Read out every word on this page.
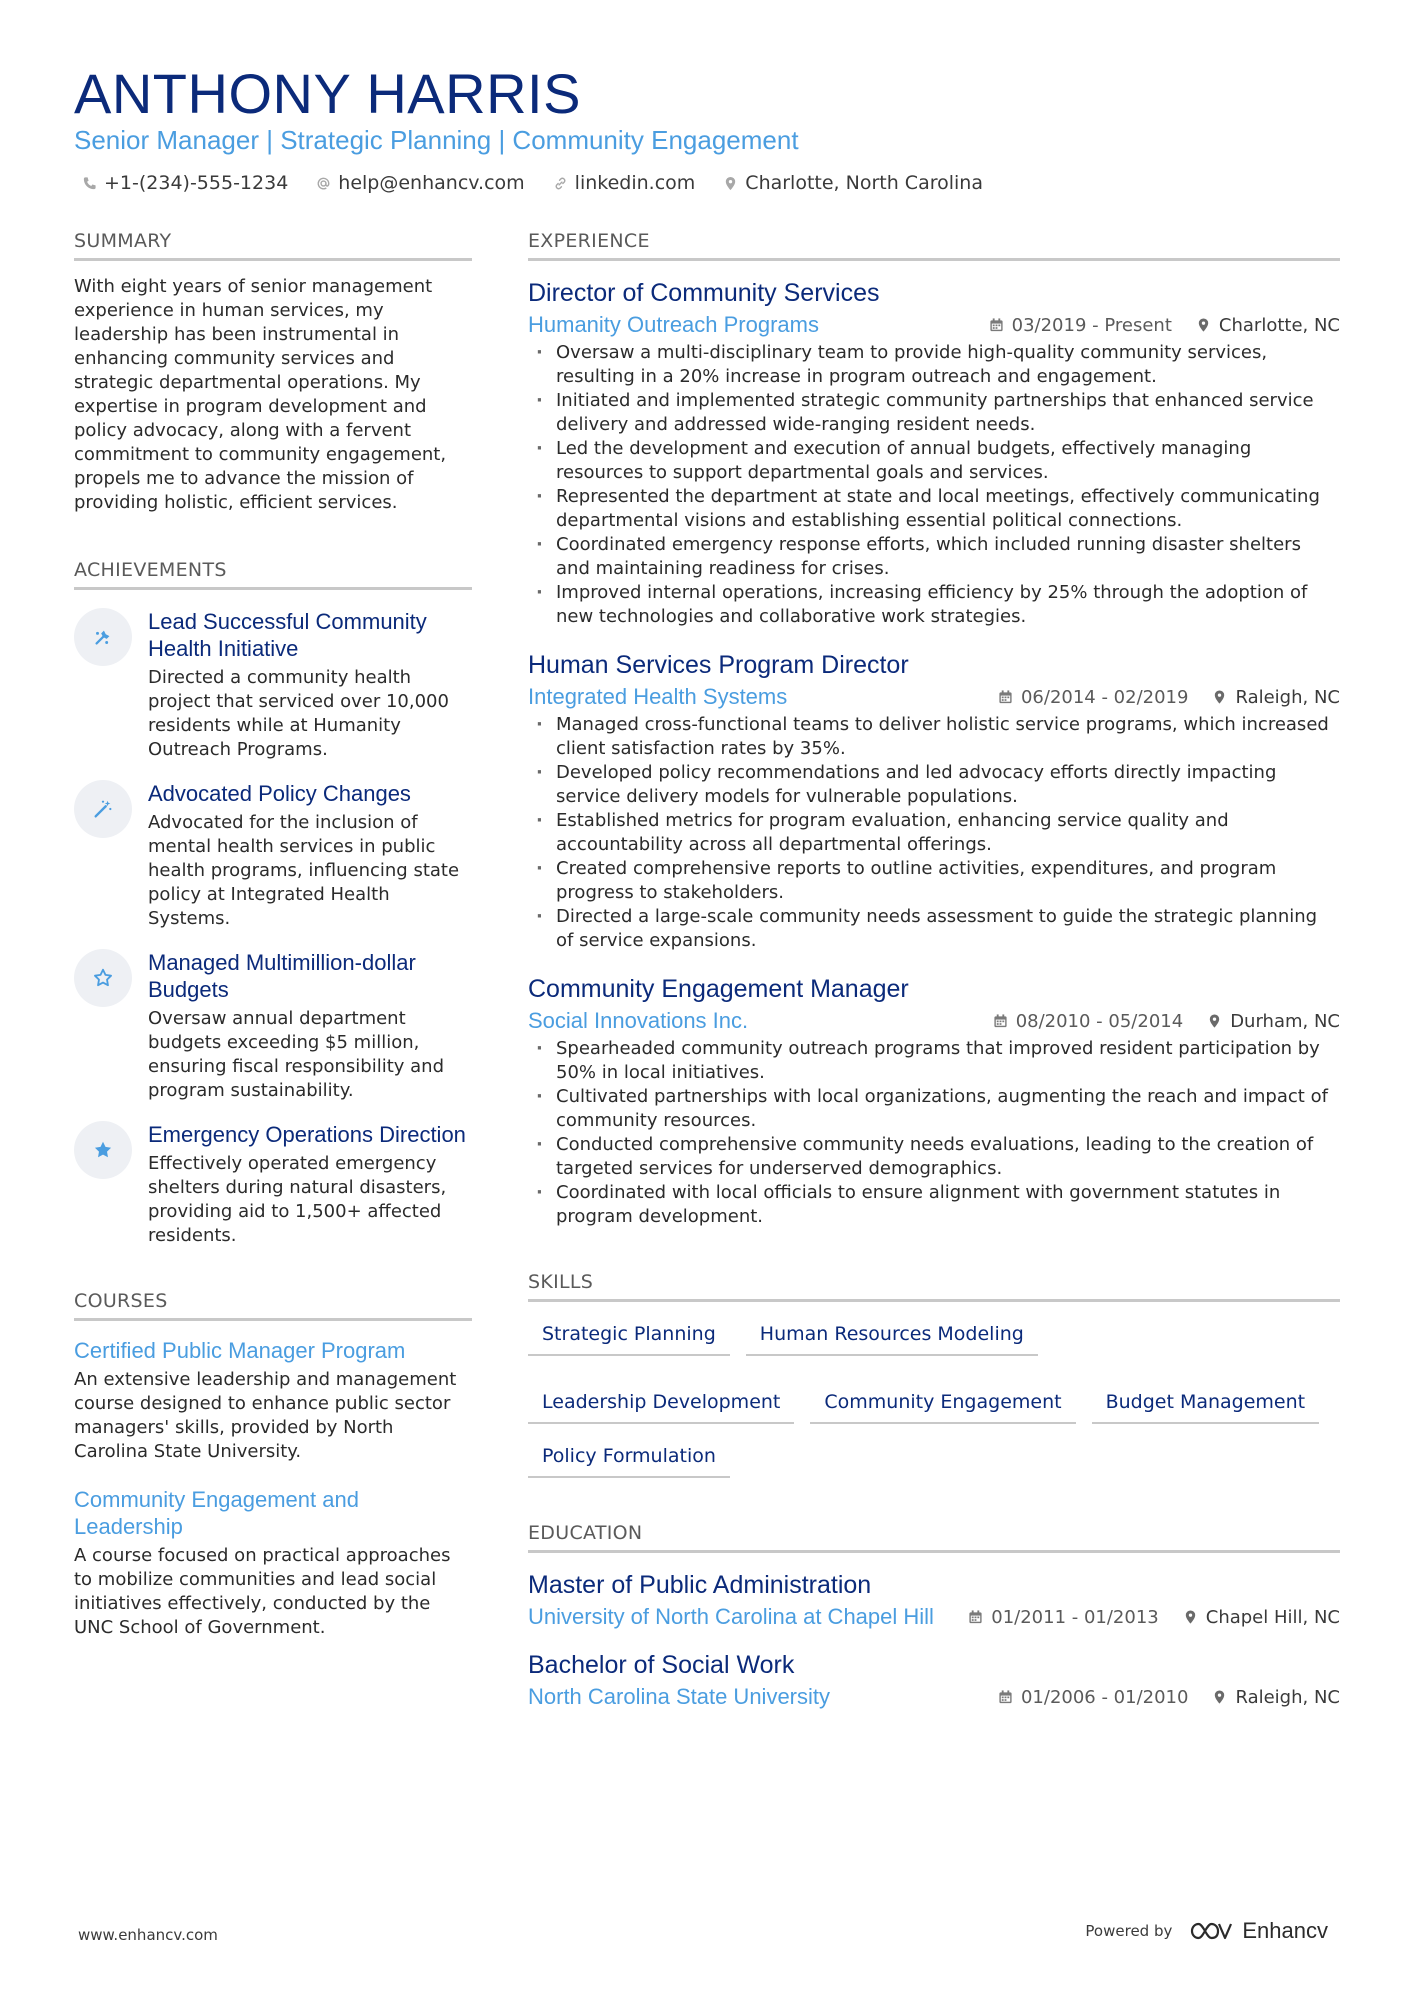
ANTHONY HARRIS
Senior Manager | Strategic Planning | Community Engagement
+1-(234)-555-1234	help@enhancv.com	linkedin.com	Charlotte, North Carolina
SUMMARY

With eight years of senior management experience in human services, my leadership has been instrumental in enhancing community services and strategic departmental operations. My expertise in program development and policy advocacy, along with a fervent commitment to community engagement, propels me to advance the mission of providing holistic, efficient services.

ACHIEVEMENTS
Lead Successful Community Health Initiative
Directed a community health project that serviced over 10,000 residents while at Humanity Outreach Programs.
Advocated Policy Changes
Advocated for the inclusion of mental health services in public health programs, influencing state policy at Integrated Health Systems.
Managed Multimillion-dollar Budgets
Oversaw annual department budgets exceeding $5 million, ensuring fiscal responsibility and program sustainability.
Emergency Operations Direction
Effectively operated emergency shelters during natural disasters, providing aid to 1,500+ affected residents.
COURSES
Certified Public Manager Program
An extensive leadership and management course designed to enhance public sector managers' skills, provided by North Carolina State University.
Community Engagement and Leadership
A course focused on practical approaches to mobilize communities and lead social initiatives effectively, conducted by the UNC School of Government.
EXPERIENCE
Director of Community Services
Humanity Outreach Programs	03/2019 - Present	Charlotte, NC
· Oversaw a multi-disciplinary team to provide high-quality community services, resulting in a 20% increase in program outreach and engagement.
· Initiated and implemented strategic community partnerships that enhanced service delivery and addressed wide-ranging resident needs.
· Led the development and execution of annual budgets, effectively managing resources to support departmental goals and services.
· Represented the department at state and local meetings, effectively communicating departmental visions and establishing essential political connections.
· Coordinated emergency response efforts, which included running disaster shelters and maintaining readiness for crises.
· Improved internal operations, increasing efficiency by 25% through the adoption of new technologies and collaborative work strategies.
Human Services Program Director
Integrated Health Systems	06/2014 - 02/2019	Raleigh, NC
· Managed cross-functional teams to deliver holistic service programs, which increased client satisfaction rates by 35%.
· Developed policy recommendations and led advocacy efforts directly impacting service delivery models for vulnerable populations.
· Established metrics for program evaluation, enhancing service quality and accountability across all departmental offerings.
· Created comprehensive reports to outline activities, expenditures, and program progress to stakeholders.
· Directed a large-scale community needs assessment to guide the strategic planning of service expansions.
Community Engagement Manager
Social Innovations Inc.	08/2010 - 05/2014	Durham, NC
· Spearheaded community outreach programs that improved resident participation by 50% in local initiatives.
· Cultivated partnerships with local organizations, augmenting the reach and impact of community resources.
· Conducted comprehensive community needs evaluations, leading to the creation of targeted services for underserved demographics.
· Coordinated with local officials to ensure alignment with government statutes in program development.
SKILLS
Strategic Planning	Human Resources Modeling
Leadership Development	Community Engagement	Budget Management
Policy Formulation
EDUCATION
Master of Public Administration
University of North Carolina at Chapel Hill	01/2011 - 01/2013	Chapel Hill, NC
Bachelor of Social Work
North Carolina State University	01/2006 - 01/2010	Raleigh, NC
www.enhancv.com	Powered by	Enhancv
